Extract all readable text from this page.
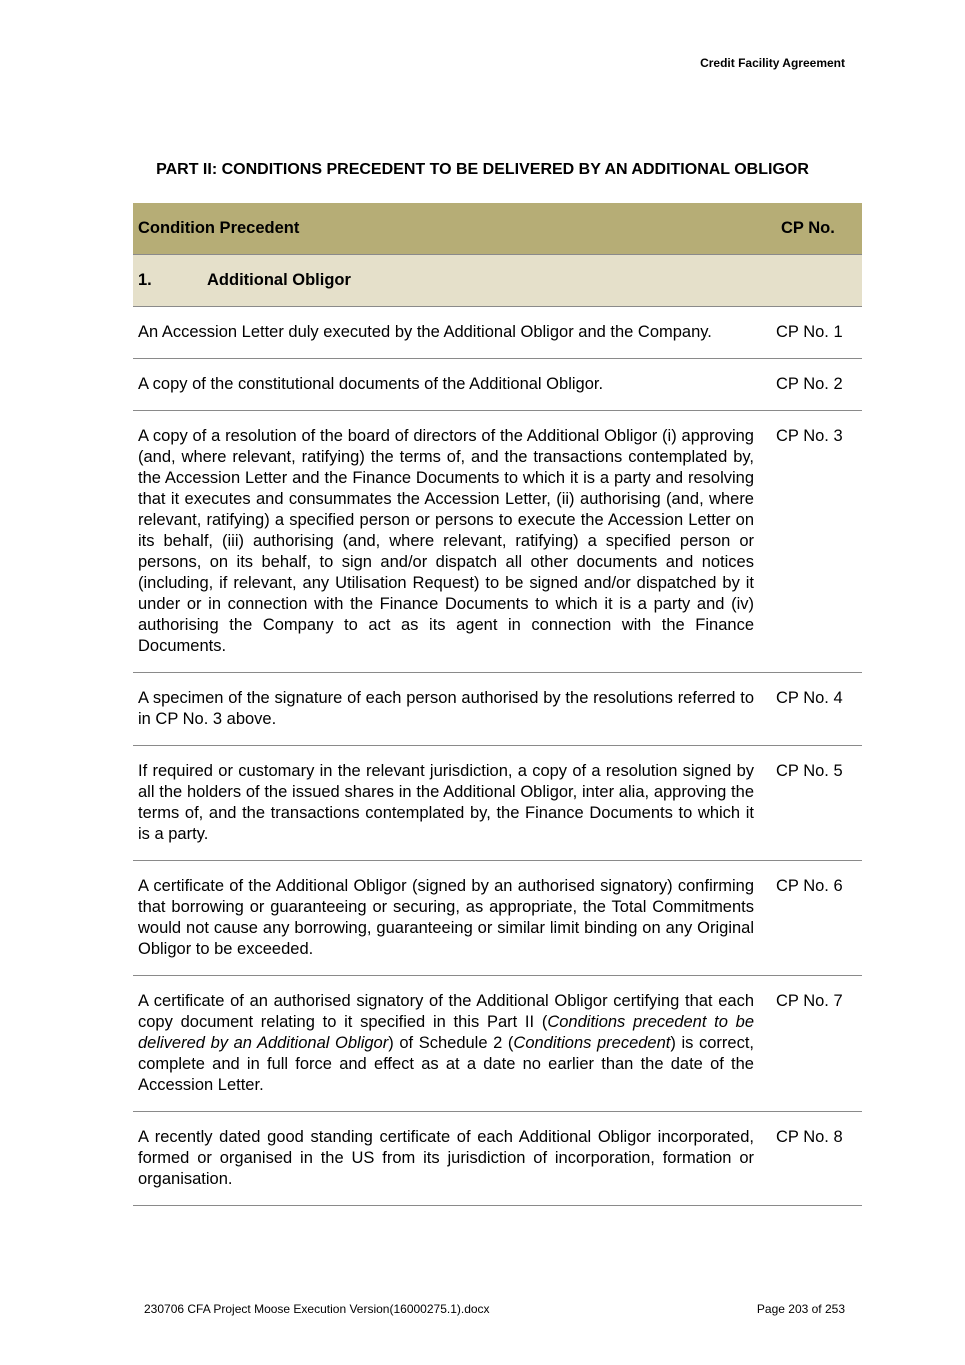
Credit Facility Agreement
PART II: CONDITIONS PRECEDENT TO BE DELIVERED BY AN ADDITIONAL OBLIGOR
Condition Precedent	CP No.
1. Additional Obligor	
An Accession Letter duly executed by the Additional Obligor and the Company.	CP No. 1
A copy of the constitutional documents of the Additional Obligor.	CP No. 2
A copy of a resolution of the board of directors of the Additional Obligor (i) approving (and, where relevant, ratifying) the terms of, and the transactions contemplated by, the Accession Letter and the Finance Documents to which it is a party and resolving that it executes and consummates the Accession Letter, (ii) authorising (and, where relevant, ratifying) a specified person or persons to execute the Accession Letter on its behalf, (iii) authorising (and, where relevant, ratifying) a specified person or persons, on its behalf, to sign and/or dispatch all other documents and notices (including, if relevant, any Utilisation Request) to be signed and/or dispatched by it under or in connection with the Finance Documents to which it is a party and (iv) authorising the Company to act as its agent in connection with the Finance Documents.	CP No. 3
A specimen of the signature of each person authorised by the resolutions referred to in CP No. 3 above.	CP No. 4
If required or customary in the relevant jurisdiction, a copy of a resolution signed by all the holders of the issued shares in the Additional Obligor, inter alia, approving the terms of, and the transactions contemplated by, the Finance Documents to which it is a party.	CP No. 5
A certificate of the Additional Obligor (signed by an authorised signatory) confirming that borrowing or guaranteeing or securing, as appropriate, the Total Commitments would not cause any borrowing, guaranteeing or similar limit binding on any Original Obligor to be exceeded.	CP No. 6
A certificate of an authorised signatory of the Additional Obligor certifying that each copy document relating to it specified in this Part II (Conditions precedent to be delivered by an Additional Obligor) of Schedule 2 (Conditions precedent) is correct, complete and in full force and effect as at a date no earlier than the date of the Accession Letter.	CP No. 7
A recently dated good standing certificate of each Additional Obligor incorporated, formed or organised in the US from its jurisdiction of incorporation, formation or organisation.	CP No. 8
230706 CFA Project Moose Execution Version(16000275.1).docx	Page 203 of 253
